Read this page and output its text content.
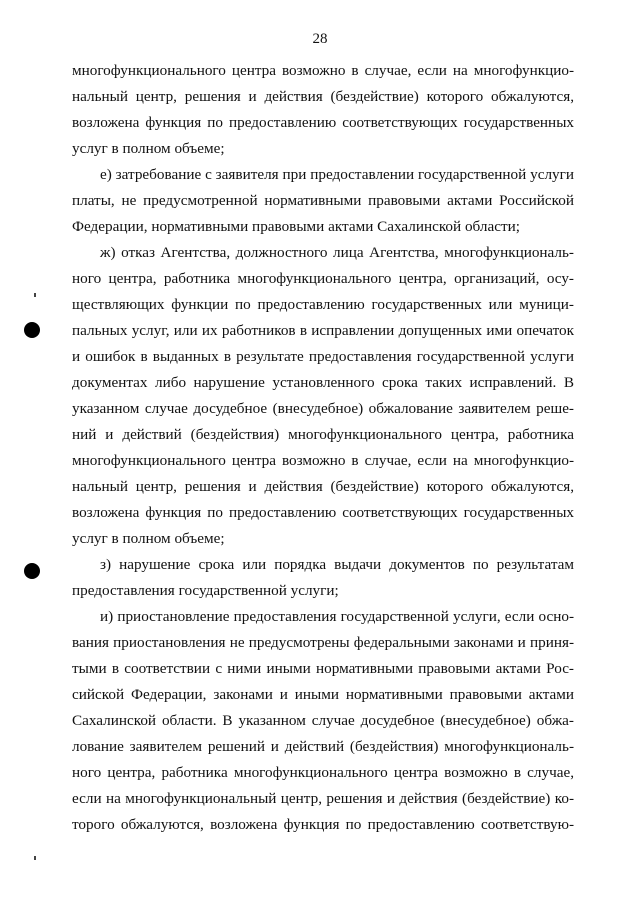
28
многофункционального центра возможно в случае, если на многофункцио-
нальный центр, решения и действия (бездействие) которого обжалуются,
возложена функция по предоставлению соответствующих государственных
услуг в полном объеме;
е) затребование с заявителя при предоставлении государственной услуги
платы, не предусмотренной нормативными правовыми актами Российской
Федерации, нормативными правовыми актами Сахалинской области;
ж) отказ Агентства, должностного лица Агентства, многофункциональ-
ного центра, работника многофункционального центра, организаций, осу-
ществляющих функции по предоставлению государственных или муници-
пальных услуг, или их работников в исправлении допущенных ими опечаток
и ошибок в выданных в результате предоставления государственной услуги
документах либо нарушение установленного срока таких исправлений. В
указанном случае досудебное (внесудебное) обжалование заявителем реше-
ний и действий (бездействия) многофункционального центра, работника
многофункционального центра возможно в случае, если на многофункцио-
нальный центр, решения и действия (бездействие) которого обжалуются,
возложена функция по предоставлению соответствующих государственных
услуг в полном объеме;
з) нарушение срока или порядка выдачи документов по результатам
предоставления государственной услуги;
и) приостановление предоставления государственной услуги, если осно-
вания приостановления не предусмотрены федеральными законами и приня-
тыми в соответствии с ними иными нормативными правовыми актами Рос-
сийской Федерации, законами и иными нормативными правовыми актами
Сахалинской области. В указанном случае досудебное (внесудебное) обжа-
лование заявителем решений и действий (бездействия) многофункциональ-
ного центра, работника многофункционального центра возможно в случае,
если на многофункциональный центр, решения и действия (бездействие) ко-
торого обжалуются, возложена функция по предоставлению соответствую-
